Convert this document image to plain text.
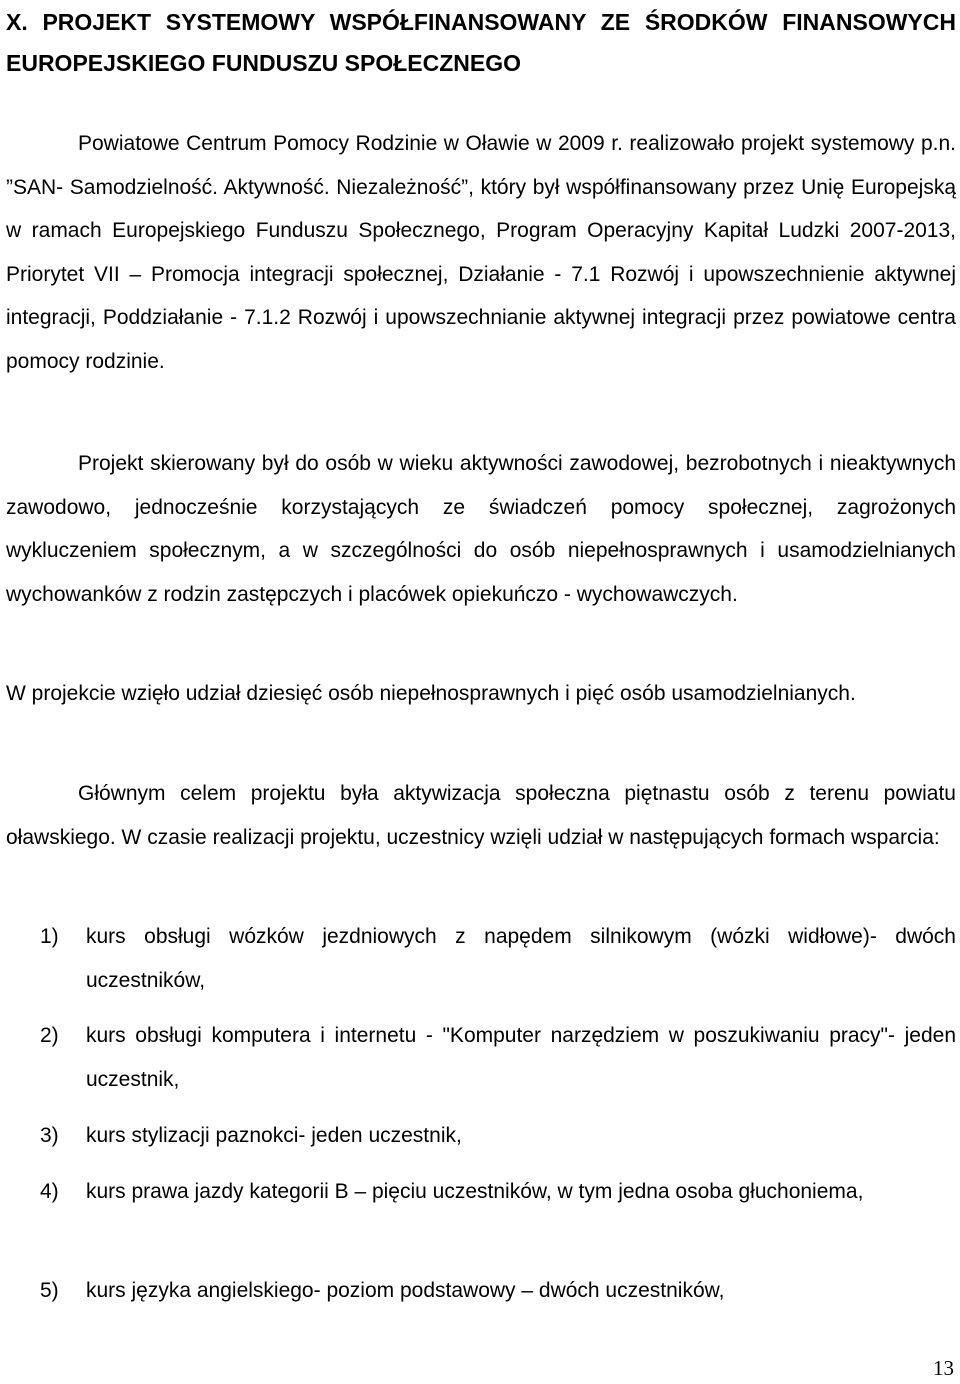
X. PROJEKT SYSTEMOWY WSPÓŁFINANSOWANY ZE ŚRODKÓW FINANSOWYCH EUROPEJSKIEGO FUNDUSZU SPOŁECZNEGO

Powiatowe Centrum Pomocy Rodzinie w Oławie w 2009 r. realizowało projekt systemowy p.n. ”SAN- Samodzielność. Aktywność. Niezależność”, który był współfinansowany przez Unię Europejską w ramach Europejskiego Funduszu Społecznego, Program Operacyjny Kapitał Ludzki 2007-2013, Priorytet VII – Promocja integracji społecznej, Działanie - 7.1 Rozwój i upowszechnienie aktywnej integracji, Poddziałanie - 7.1.2 Rozwój i upowszechnianie aktywnej integracji przez powiatowe centra pomocy rodzinie.

Projekt skierowany był do osób w wieku aktywności zawodowej, bezrobotnych i nieaktywnych zawodowo, jednocześnie korzystających ze świadczeń pomocy społecznej, zagrożonych wykluczeniem społecznym, a w szczególności do osób niepełnosprawnych i usamodzielnianych wychowanków z rodzin zastępczych i placówek opiekuńczo - wychowawczych.

W projekcie wzięło udział dziesięć osób niepełnosprawnych i pięć osób usamodzielnianych.

Głównym celem projektu była aktywizacja społeczna piętnastu osób z terenu powiatu oławskiego. W czasie realizacji projektu, uczestnicy wzięli udział w następujących formach wsparcia:

1)	kurs obsługi wózków jezdniowych z napędem silnikowym (wózki widłowe)- dwóch uczestników,
2)	kurs obsługi komputera i internetu - "Komputer narzędziem w poszukiwaniu pracy"- jeden uczestnik,
3)	kurs stylizacji paznokci- jeden uczestnik,
4)	kurs prawa jazdy kategorii B – pięciu uczestników, w tym jedna osoba głuchoniema,
5)	kurs języka angielskiego- poziom podstawowy – dwóch uczestników,
13
